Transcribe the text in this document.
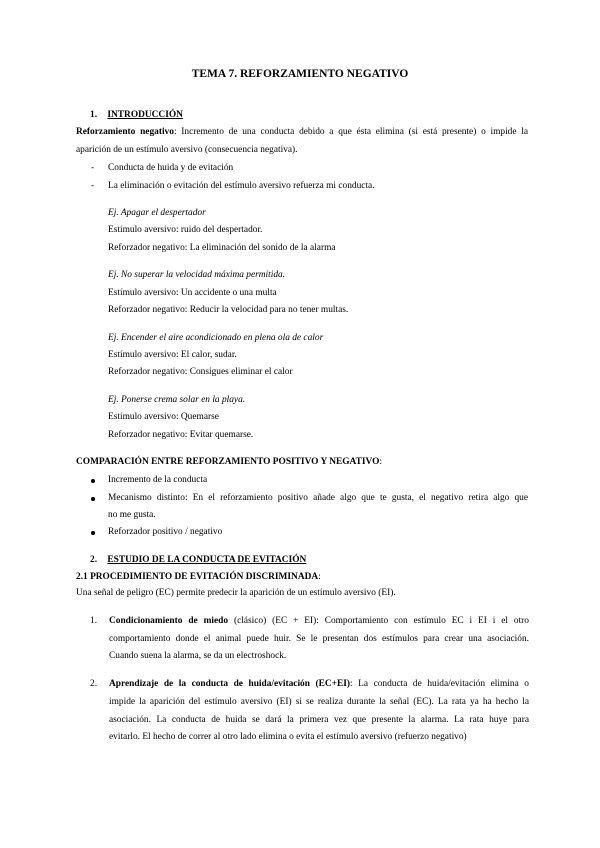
TEMA 7. REFORZAMIENTO NEGATIVO
1. INTRODUCCIÓN
Reforzamiento negativo: Incremento de una conducta debido a que ésta elimina (si está presente) o impide la
aparición de un estímulo aversivo (consecuencia negativa).
- Conducta de huida y de evitación
- La eliminación o evitación del estímulo aversivo refuerza mi conducta.
Ej. Apagar el despertador
Estímulo aversivo: ruido del despertador.
Reforzador negativo: La eliminación del sonido de la alarma
Ej. No superar la velocidad máxima permitida.
Estímulo aversivo: Un accidente o una multa
Reforzador negativo: Reducir la velocidad para no tener multas.
Ej. Encender el aire acondicionado en plena ola de calor
Estímulo aversivo: El calor, sudar.
Reforzador negativo: Consigues eliminar el calor
Ej. Ponerse crema solar en la playa.
Estímulo aversivo: Quemarse
Reforzador negativo: Evitar quemarse.
COMPARACIÓN ENTRE REFORZAMIENTO POSITIVO Y NEGATIVO:
Incremento de la conducta
Mecanismo distinto: En el reforzamiento positivo añade algo que te gusta, el negativo retira algo que
no me gusta.
Reforzador positivo / negativo
2. ESTUDIO DE LA CONDUCTA DE EVITACIÓN
2.1 PROCEDIMIENTO DE EVITACIÓN DISCRIMINADA:
Una señal de peligro (EC) permite predecir la aparición de un estímulo aversivo (EI).
1. Condicionamiento de miedo (clásico) (EC + EI): Comportamiento con estímulo EC i EI i el otro
comportamiento donde el animal puede huir. Se le presentan dos estímulos para crear una asociación.
Cuando suena la alarma, se da un electroshock.
2. Aprendizaje de la conducta de huida/evitación (EC+EI): La conducta de huida/evitación elimina o
impide la aparición del estímulo aversivo (EI) si se realiza durante la señal (EC). La rata ya ha hecho la
asociación. La conducta de huida se dará la primera vez que presente la alarma. La rata huye para
evitarlo. El hecho de correr al otro lado elimina o evita el estímulo aversivo (refuerzo negativo)
